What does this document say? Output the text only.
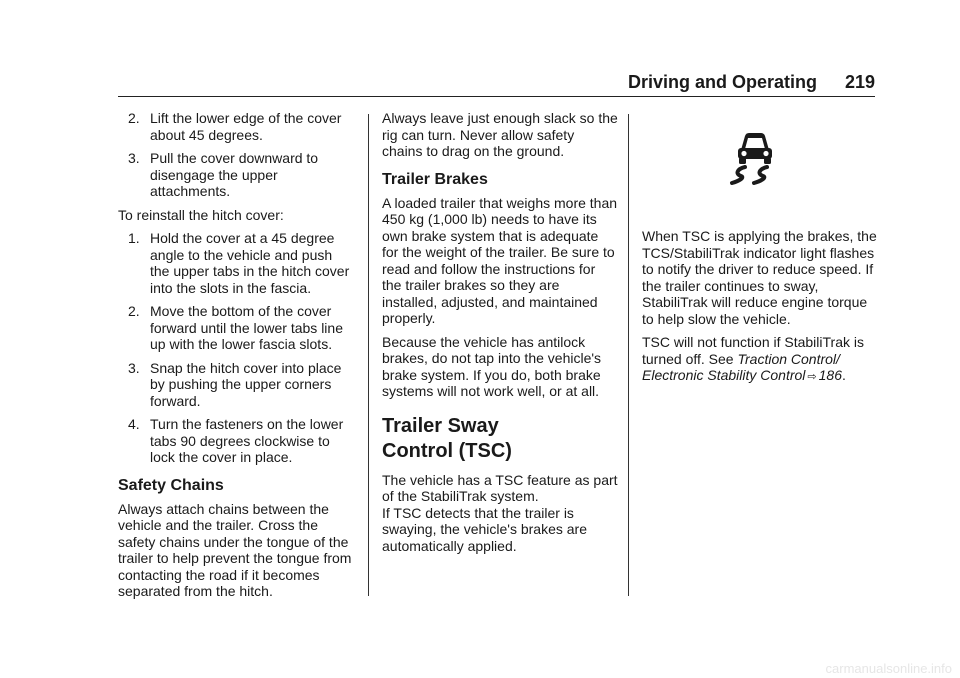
Driving and Operating 219
2. Lift the lower edge of the cover about 45 degrees.
3. Pull the cover downward to disengage the upper attachments.

To reinstall the hitch cover:

1. Hold the cover at a 45 degree angle to the vehicle and push the upper tabs in the hitch cover into the slots in the fascia.
2. Move the bottom of the cover forward until the lower tabs line up with the lower fascia slots.
3. Snap the hitch cover into place by pushing the upper corners forward.
4. Turn the fasteners on the lower tabs 90 degrees clockwise to lock the cover in place.
Safety Chains

Always attach chains between the vehicle and the trailer. Cross the safety chains under the tongue of the trailer to help prevent the tongue from contacting the road if it becomes separated from the hitch.

Always leave just enough slack so the rig can turn. Never allow safety chains to drag on the ground.

Trailer Brakes

A loaded trailer that weighs more than 450 kg (1,000 lb) needs to have its own brake system that is adequate for the weight of the trailer. Be sure to read and follow the instructions for the trailer brakes so they are installed, adjusted, and maintained properly.

Because the vehicle has antilock brakes, do not tap into the vehicle's brake system. If you do, both brake systems will not work well, or at all.

Trailer Sway
Control (TSC)

The vehicle has a TSC feature as part of the StabiliTrak system.

If TSC detects that the trailer is swaying, the vehicle's brakes are automatically applied.

When TSC is applying the brakes, the TCS/StabiliTrak indicator light flashes to notify the driver to reduce speed. If the trailer continues to sway, StabiliTrak will reduce engine torque to help slow the vehicle.

TSC will not function if StabiliTrak is turned off. See Traction Control/ Electronic Stability Control ⇨ 186.

carmanualsonline.info
